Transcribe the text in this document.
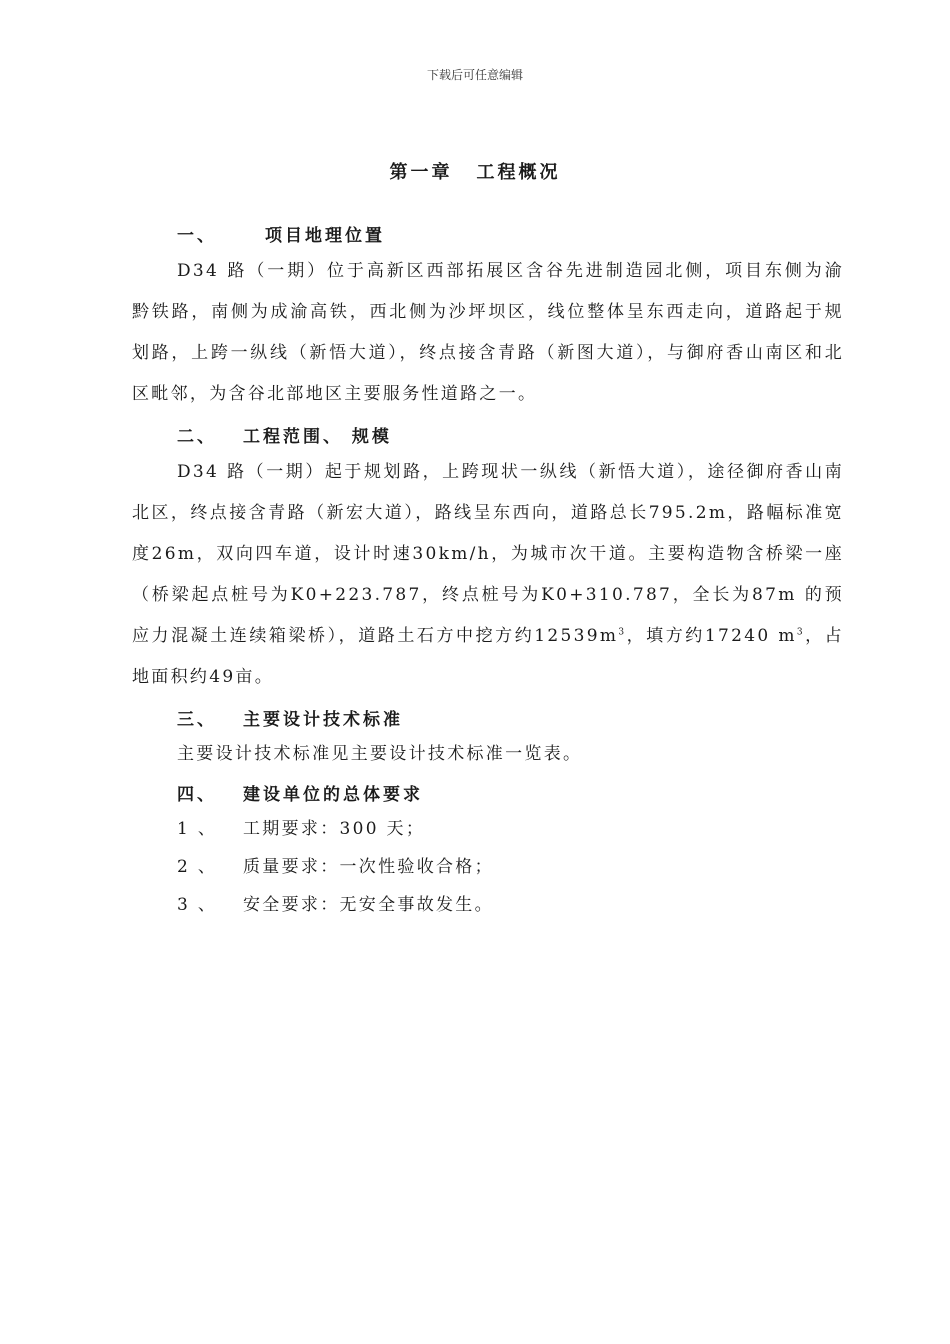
下载后可任意编辑
第一章 工程概况
一、	项目地理位置

D34 路（一期）位于高新区西部拓展区含谷先进制造园北侧，项目东侧为渝黔铁路，南侧为成渝高铁，西北侧为沙坪坝区，线位整体呈东西走向，道路起于规划路，上跨一纵线（新悟大道），终点接含青路（新图大道），与御府香山南区和北区毗邻，为含谷北部地区主要服务性道路之一。

二、 工程范围、 规模

D34 路（一期）起于规划路，上跨现状一纵线（新悟大道），途径御府香山南北区，终点接含青路（新宏大道），路线呈东西向，道路总长795.2m，路幅标准宽度26m，双向四车道，设计时速30km/h，为城市次干道。主要构造物含桥梁一座（桥梁起点桩号为K0+223.787，终点桩号为K0+310.787，全长为87m 的预应力混凝土连续箱梁桥），道路土石方中挖方约$12539m^3$，填方约17240 $m^3$，占地面积约49亩。

三、 主要设计技术标准
主要设计技术标准见主要设计技术标准一览表。
四、 建设单位的总体要求
1 、 工期要求：300 天；
2 、 质量要求：一次性验收合格；
3 、 安全要求：无安全事故发生。
